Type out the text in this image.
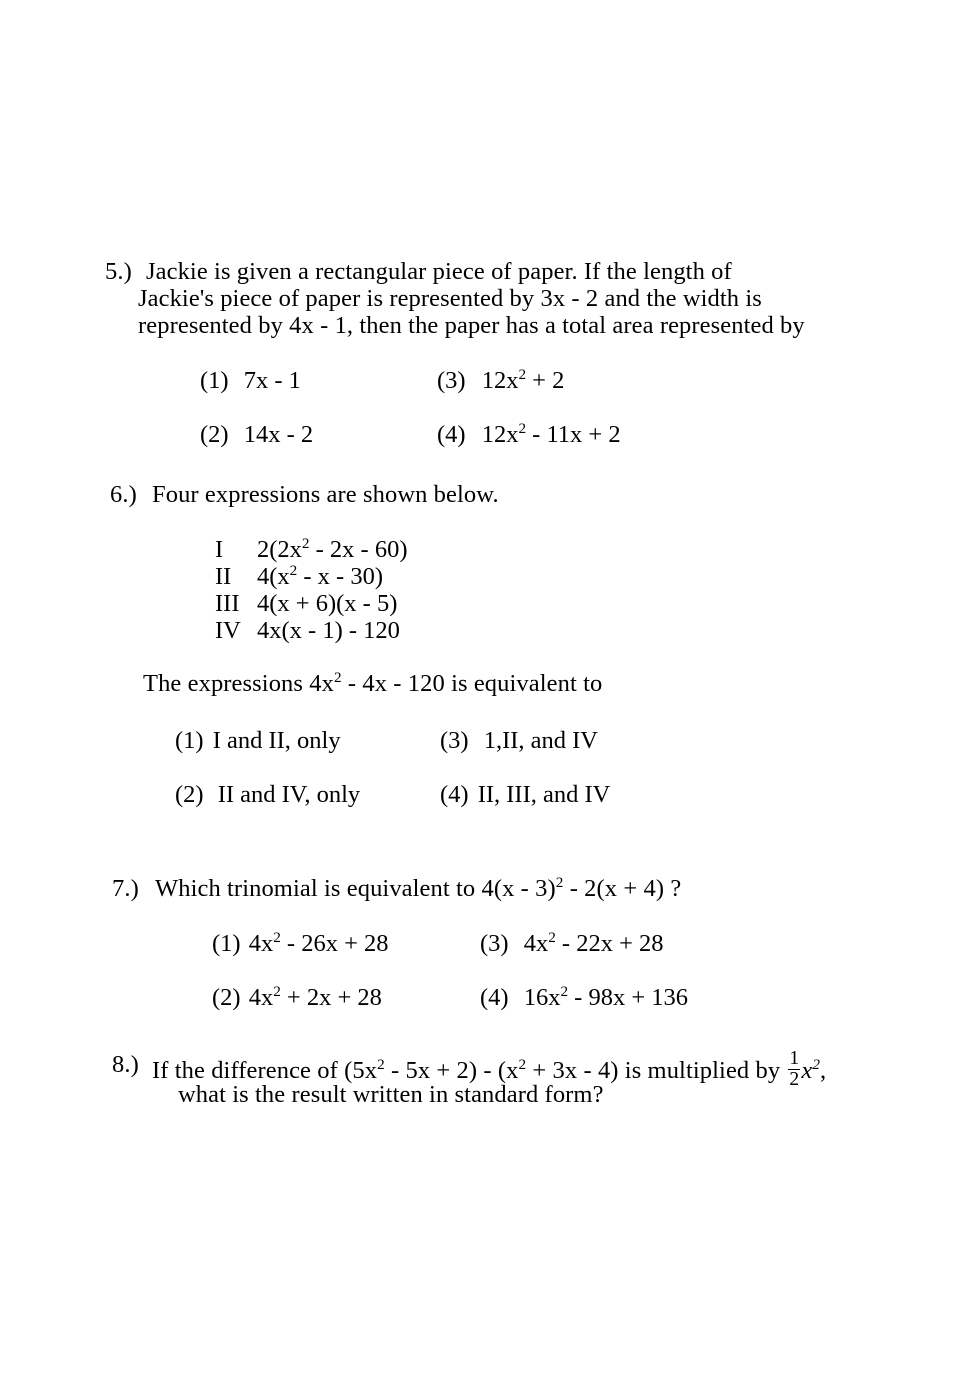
5.) Jackie is given a rectangular piece of paper. If the length of
Jackie's piece of paper is represented by 3x - 2 and the width is
represented by 4x - 1, then the paper has a total area represented by
(1) 7x - 1
(2) 14x - 2
(3) $12x^2 + 2$
(4) $12x^2 - 11x + 2$
6.) Four expressions are shown below.
I $2(2x^2 - 2x - 60)$
II $4(x^2$ - x - 30)
III 4(x + 6)(x - 5)
IV 4x(x - 1) - 120
The expressions $4x^2 - 4x - 120$ is equivalent to
(1) I and II, only
(2) II and IV, only
(3) 1,II, and IV
(4) II, III, and IV
7.) Which trinomial is equivalent to 4(x - 3)$^2$ - 2(x + 4) ?
(1) $4x^2 - 26x + 28$
(2) $4x^2 + 2x + 28$
(3) $4x^2 - 22x + 28$
(4) $16x^2 - 98x + 136$
8.) If the difference of $(5x^2 - 5x + 2) - (x^2 + 3x - 4)$ is multiplied by $\frac{1}{2} x^2$,
what is the result written in standard form?
